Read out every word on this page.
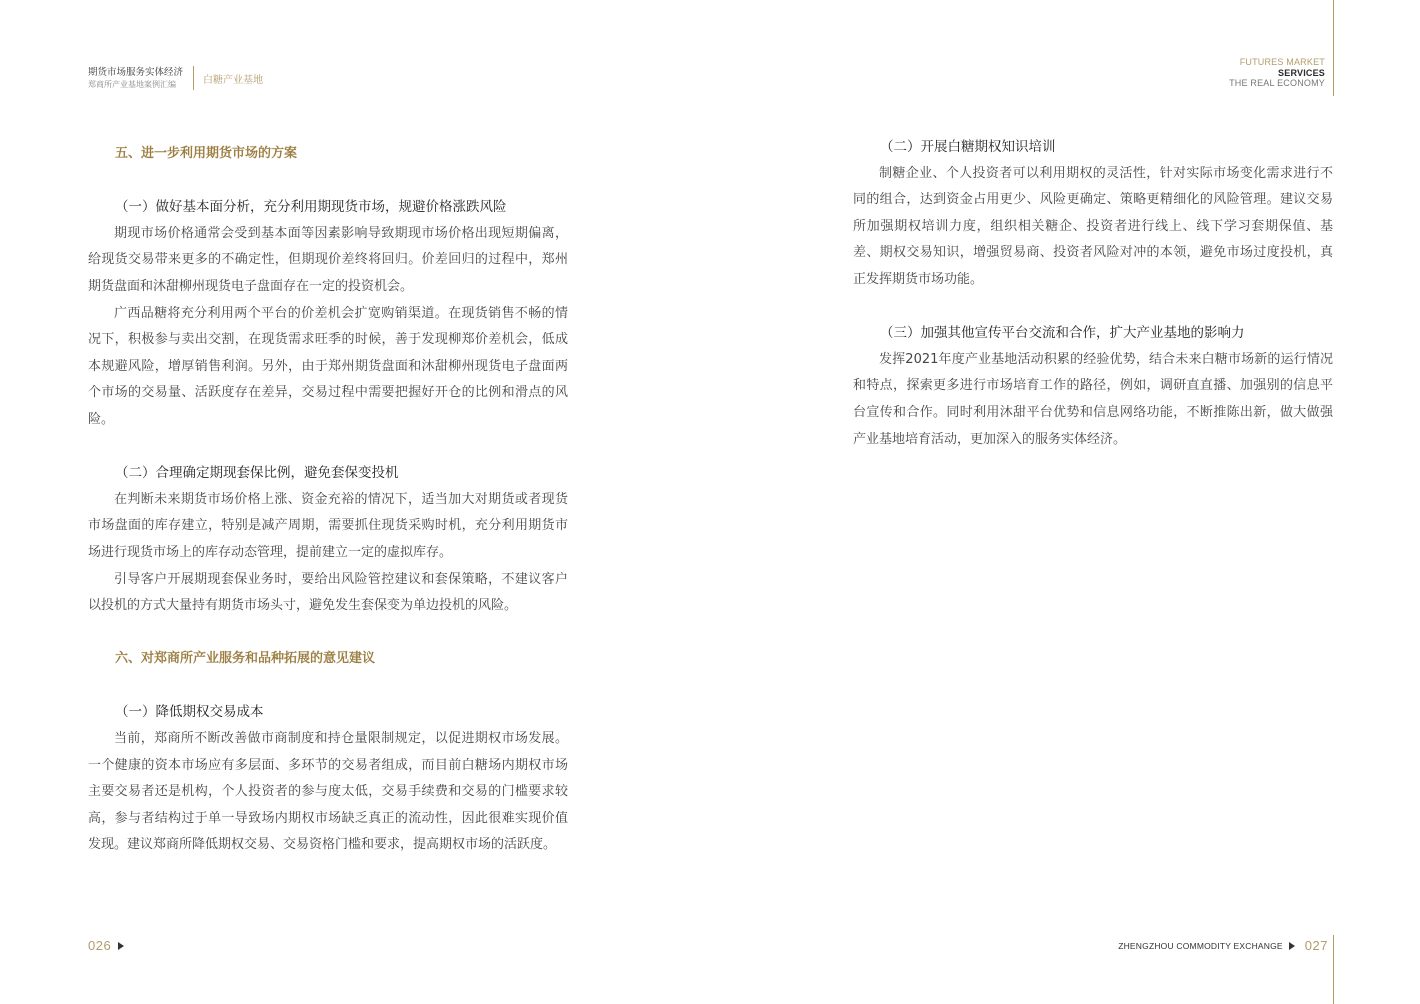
期货市场服务实体经济
郑商所产业基地案例汇编	白糖产业基地
FUTURES MARKET
SERVICES
THE REAL ECONOMY

五、进一步利用期货市场的方案

（一）做好基本面分析，充分利用期现货市场，规避价格涨跌风险

期现市场价格通常会受到基本面等因素影响导致期现市场价格出现短期偏离，给现货交易带来更多的不确定性，但期现价差终将回归。价差回归的过程中，郑州期货盘面和沐甜柳州现货电子盘面存在一定的投资机会。

广西品糖将充分利用两个平台的价差机会扩宽购销渠道。在现货销售不畅的情况下，积极参与卖出交割，在现货需求旺季的时候，善于发现柳郑价差机会，低成本规避风险，增厚销售利润。另外，由于郑州期货盘面和沐甜柳州现货电子盘面两个市场的交易量、活跃度存在差异，交易过程中需要把握好开仓的比例和滑点的风险。

（二）合理确定期现套保比例，避免套保变投机

在判断未来期货市场价格上涨、资金充裕的情况下，适当加大对期货或者现货市场盘面的库存建立，特别是减产周期，需要抓住现货采购时机，充分利用期货市场进行现货市场上的库存动态管理，提前建立一定的虚拟库存。

引导客户开展期现套保业务时，要给出风险管控建议和套保策略，不建议客户以投机的方式大量持有期货市场头寸，避免发生套保变为单边投机的风险。

六、对郑商所产业服务和品种拓展的意见建议

（一）降低期权交易成本

当前，郑商所不断改善做市商制度和持仓量限制规定，以促进期权市场发展。一个健康的资本市场应有多层面、多环节的交易者组成，而目前白糖场内期权市场主要交易者还是机构，个人投资者的参与度太低，交易手续费和交易的门槛要求较高，参与者结构过于单一导致场内期权市场缺乏真正的流动性，因此很难实现价值发现。建议郑商所降低期权交易、交易资格门槛和要求，提高期权市场的活跃度。

（二）开展白糖期权知识培训

制糖企业、个人投资者可以利用期权的灵活性，针对实际市场变化需求进行不同的组合，达到资金占用更少、风险更确定、策略更精细化的风险管理。建议交易所加强期权培训力度，组织相关糖企、投资者进行线上、线下学习套期保值、基差、期权交易知识，增强贸易商、投资者风险对冲的本领，避免市场过度投机，真正发挥期货市场功能。

（三）加强其他宣传平台交流和合作，扩大产业基地的影响力

发挥2021年度产业基地活动积累的经验优势，结合未来白糖市场新的运行情况和特点，探索更多进行市场培育工作的路径，例如，调研直直播、加强别的信息平台宣传和合作。同时利用沐甜平台优势和信息网络功能，不断推陈出新，做大做强产业基地培育活动，更加深入的服务实体经济。

026	ZHENGZHOU COMMODITY EXCHANGE 027
